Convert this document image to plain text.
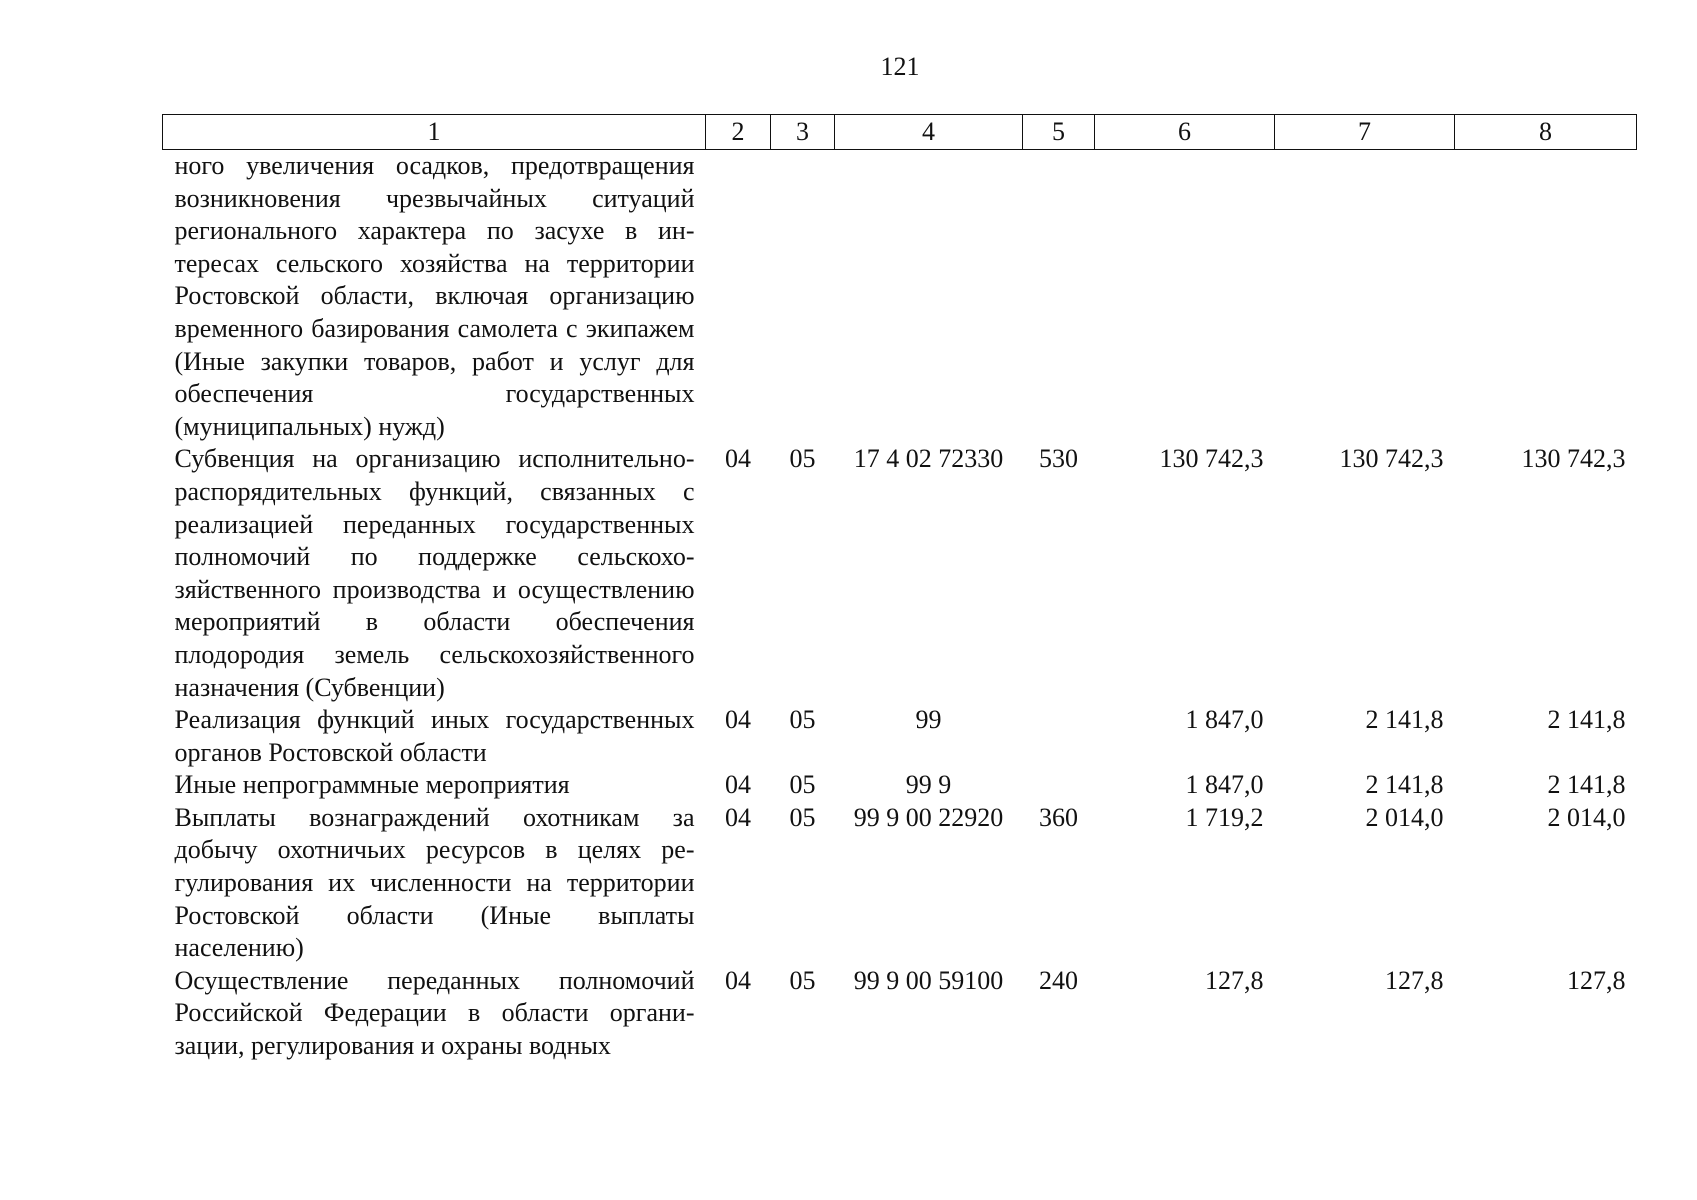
121
1	2	3	4	5	6	7	8
ного увеличения осадков, предотвращения возникновения чрезвычайных ситуаций регионального характера по засухе в интересах сельского хозяйства на территории Ростовской области, включая организацию временного базирования самолета с экипажем (Иные закупки товаров, работ и услуг для обеспечения государственных (муниципальных) нужд)							
Субвенция на организацию исполнительно-распорядительных функций, связанных с реализацией переданных государственных полномочий по поддержке сельскохозяйственного производства и осуществлению мероприятий в области обеспечения плодородия земель сельскохозяйственного назначения (Субвенции)	04	05	17 4 02 72330	530	130 742,3	130 742,3	130 742,3
Реализация функций иных государственных органов Ростовской области	04	05	99		1 847,0	2 141,8	2 141,8
Иные непрограммные мероприятия	04	05	99 9		1 847,0	2 141,8	2 141,8
Выплаты вознаграждений охотникам за добычу охотничьих ресурсов в целях регулирования их численности на территории Ростовской области (Иные выплаты населению)	04	05	99 9 00 22920	360	1 719,2	2 014,0	2 014,0
Осуществление переданных полномочий Российской Федерации в области организации, регулирования и охраны водных	04	05	99 9 00 59100	240	127,8	127,8	127,8
